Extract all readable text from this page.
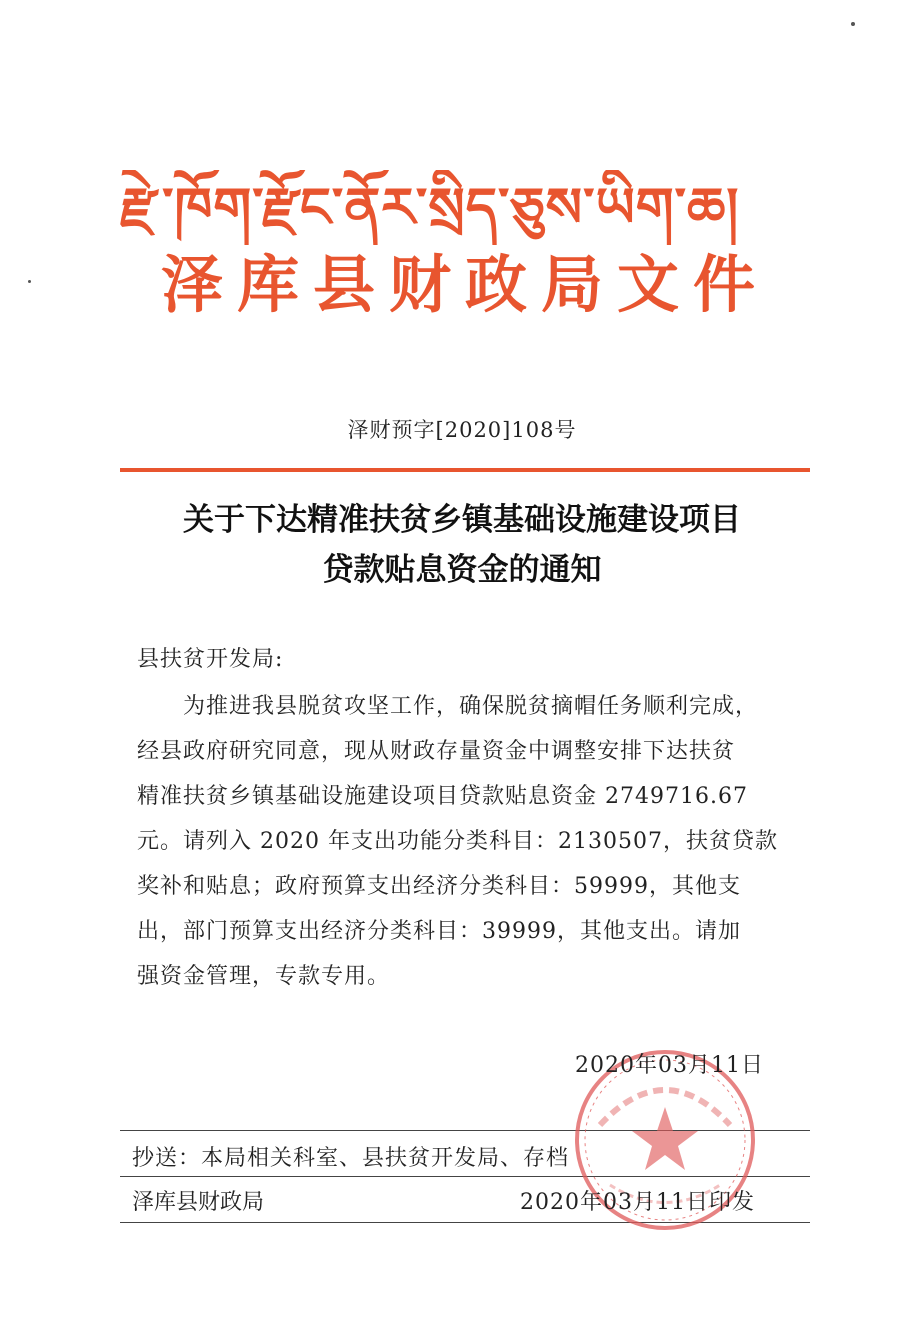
རྫེ་ཁོག་རྫོང་ནོར་སྲིད་ཅུས་ཡིག་ཆ།
泽库县财政局文件
泽财预字[2020]108号
关于下达精准扶贫乡镇基础设施建设项目
贷款贴息资金的通知
县扶贫开发局:
为推进我县脱贫攻坚工作，确保脱贫摘帽任务顺利完成，
经县政府研究同意，现从财政存量资金中调整安排下达扶贫
精准扶贫乡镇基础设施建设项目贷款贴息资金 2749716.67
元。请列入 2020 年支出功能分类科目：2130507，扶贫贷款
奖补和贴息；政府预算支出经济分类科目：59999，其他支
出，部门预算支出经济分类科目：39999，其他支出。请加
强资金管理，专款专用。
2020年03月11日
抄送：本局相关科室、县扶贫开发局、存档
泽库县财政局	2020年03月11日印发
